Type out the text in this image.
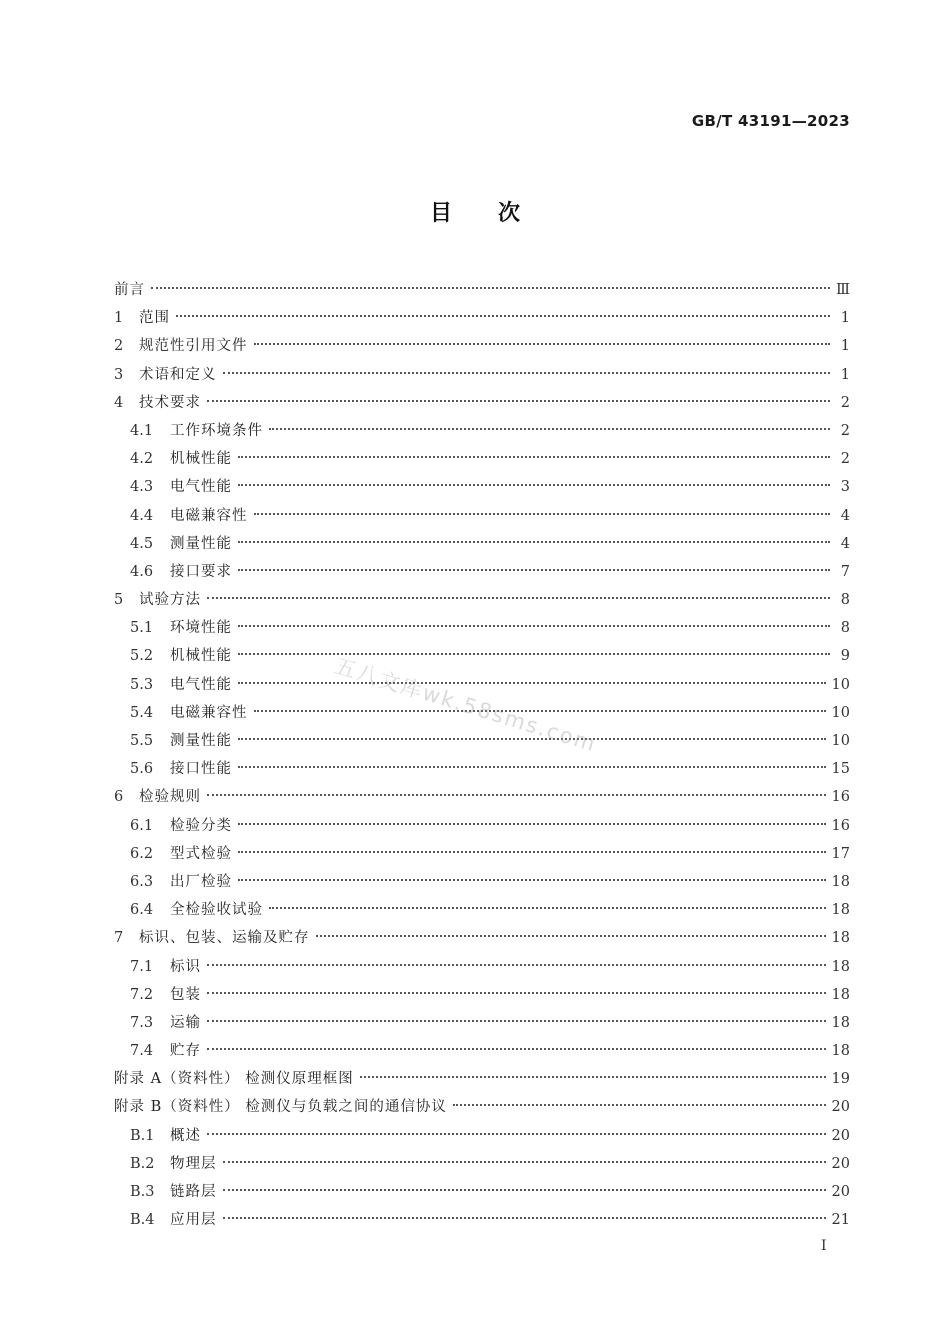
GB/T 43191—2023
目次
前言	Ⅲ
1	范围	1
2	规范性引用文件	1
3	术语和定义	1
4	技术要求	2
4.1	工作环境条件	2
4.2	机械性能	2
4.3	电气性能	3
4.4	电磁兼容性	4
4.5	测量性能	4
4.6	接口要求	7
5	试验方法	8
5.1	环境性能	8
5.2	机械性能	9
5.3	电气性能	10
5.4	电磁兼容性	10
5.5	测量性能	10
5.6	接口性能	15
6	检验规则	16
6.1	检验分类	16
6.2	型式检验	17
6.3	出厂检验	18
6.4	全检验收试验	18
7	标识、包装、运输及贮存	18
7.1	标识	18
7.2	包装	18
7.3	运输	18
7.4	贮存	18
附录 A（资料性） 检测仪原理框图	19
附录 B（资料性） 检测仪与负载之间的通信协议	20
B.1	概述	20
B.2	物理层	20
B.3	链路层	20
B.4	应用层	21
五八文库wk.58sms.com
I
